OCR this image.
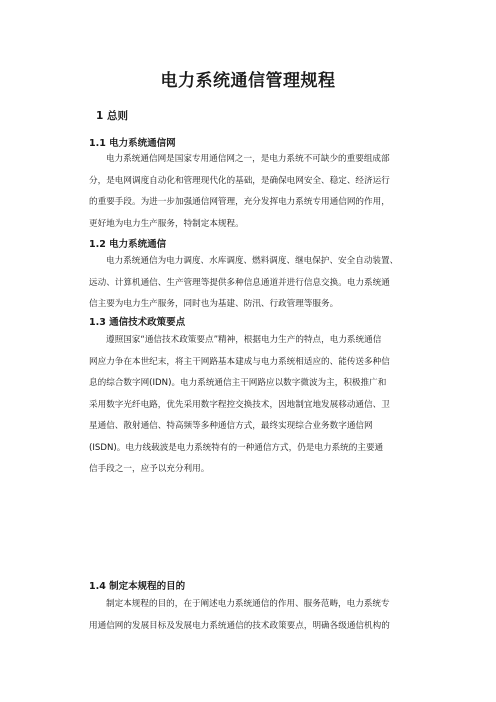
电力系统通信管理规程
1 总则
1.1 电力系统通信网
电力系统通信网是国家专用通信网之一，是电力系统不可缺少的重要组成部
分，是电网调度自动化和管理现代化的基础，是确保电网安全、稳定、经济运行
的重要手段。为进一步加强通信网管理，充分发挥电力系统专用通信网的作用，
更好地为电力生产服务，特制定本规程。
1.2 电力系统通信
电力系统通信为电力调度、水库调度、燃料调度、继电保护、安全自动装置、
远动、计算机通信、生产管理等提供多种信息通道并进行信息交换。电力系统通
信主要为电力生产服务，同时也为基建、防汛、行政管理等服务。
1.3 通信技术政策要点
遵照国家“通信技术政策要点”精神，根据电力生产的特点，电力系统通信
网应力争在本世纪末，将主干网路基本建成与电力系统相适应的、能传送多种信
息的综合数字网(IDN)。电力系统通信主干网路应以数字微波为主，积极推广和
采用数字光纤电路，优先采用数字程控交换技术，因地制宜地发展移动通信、卫
星通信、散射通信、特高频等多种通信方式，最终实现综合业务数字通信网
(ISDN)。电力线载波是电力系统特有的一种通信方式，仍是电力系统的主要通
信手段之一，应予以充分利用。
1.4 制定本规程的目的
制定本规程的目的，在于阐述电力系统通信的作用、服务范畴，电力系统专
用通信网的发展目标及发展电力系统通信的技术政策要点，明确各级通信机构的
